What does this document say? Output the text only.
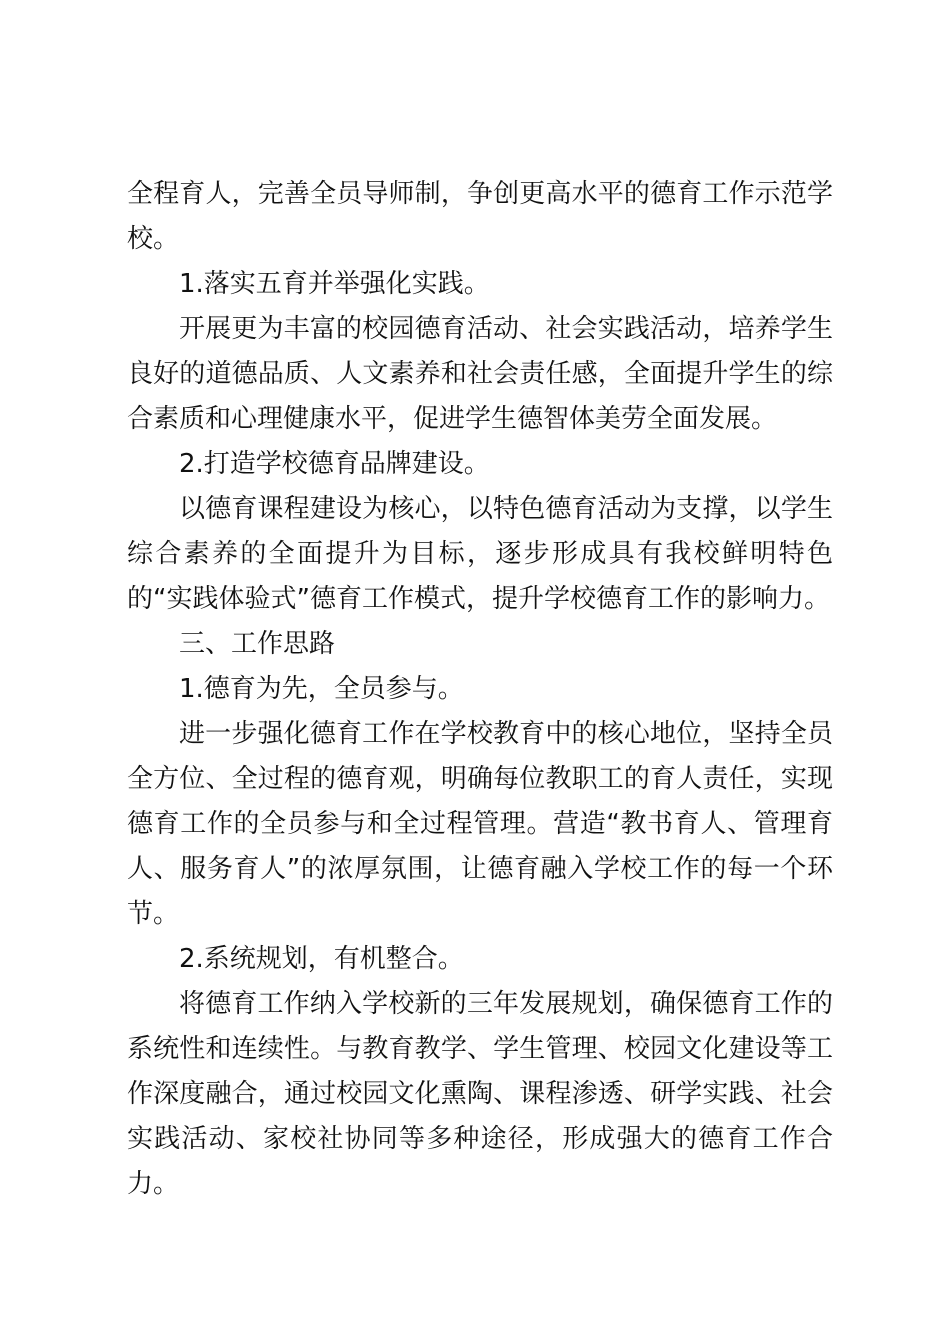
全程育人，完善全员导师制，争创更高水平的德育工作示范学校。

1.落实五育并举强化实践。

开展更为丰富的校园德育活动、社会实践活动，培养学生良好的道德品质、人文素养和社会责任感，全面提升学生的综合素质和心理健康水平，促进学生德智体美劳全面发展。

2.打造学校德育品牌建设。

以德育课程建设为核心，以特色德育活动为支撑，以学生综合素养的全面提升为目标，逐步形成具有我校鲜明特色的“实践体验式”德育工作模式，提升学校德育工作的影响力。

三、工作思路

1.德育为先，全员参与。

进一步强化德育工作在学校教育中的核心地位，坚持全员全方位、全过程的德育观，明确每位教职工的育人责任，实现德育工作的全员参与和全过程管理。营造“教书育人、管理育人、服务育人”的浓厚氛围，让德育融入学校工作的每一个环节。

2.系统规划，有机整合。

将德育工作纳入学校新的三年发展规划，确保德育工作的系统性和连续性。与教育教学、学生管理、校园文化建设等工作深度融合，通过校园文化熏陶、课程渗透、研学实践、社会实践活动、家校社协同等多种途径，形成强大的德育工作合力。
